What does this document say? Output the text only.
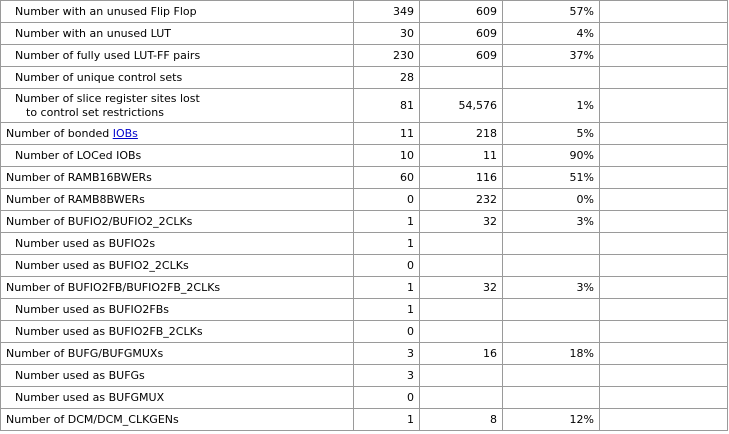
Number with an unused Flip Flop	349	609	57%	
Number with an unused LUT	30	609	4%	
Number of fully used LUT-FF pairs	230	609	37%	
Number of unique control sets	28			
Number of slice register sites lost
to control set restrictions	81	54,576	1%	
Number of bonded IOBs	11	218	5%	
Number of LOCed IOBs	10	11	90%	
Number of RAMB16BWERs	60	116	51%	
Number of RAMB8BWERs	0	232	0%	
Number of BUFIO2/BUFIO2_2CLKs	1	32	3%	
Number used as BUFIO2s	1			
Number used as BUFIO2_2CLKs	0			
Number of BUFIO2FB/BUFIO2FB_2CLKs	1	32	3%	
Number used as BUFIO2FBs	1			
Number used as BUFIO2FB_2CLKs	0			
Number of BUFG/BUFGMUXs	3	16	18%	
Number used as BUFGs	3			
Number used as BUFGMUX	0			
Number of DCM/DCM_CLKGENs	1	8	12%	
